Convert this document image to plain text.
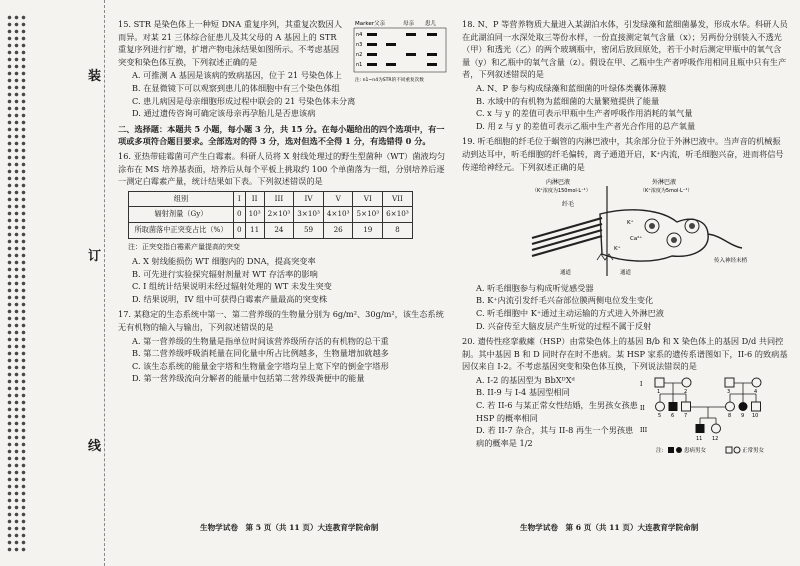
装
订
线

15. STR 是染色体上一种短 DNA 重复序列，其重复次数因人而异。对某 21 三体综合征患儿及其父母的 A 基因上的 STR 重复序列进行扩增，扩增产物电泳结果如图所示。不考虑基因突变和染色体互换，下列叙述正确的是

A. 可推测 A 基因是该病的致病基因，位于 21 号染色体上

B. 在显微镜下可以观察到患儿的体细胞中有三个染色体组

Marker父亲	母亲 患儿
n4
n3
n2
n1
注: n1~n4为STR的不同重复次数

C. 患儿病因是母亲细胞形成过程中联会的 21 号染色体未分离

D. 通过遗传咨询可确定该母亲再孕胎儿是否患该病

二、选择题：本题共 5 小题，每小题 3 分，共 15 分。在每小题给出的四个选项中，有一项或多项符合题目要求。全部选对的得 3 分，选对但选不全得 1 分，有选错得 0 分。

16. 亚热带硅霉菌可产生白霉素。科研人员将 X 射线处理过的野生型菌种（WT）菌液均匀涂布在 MS 培养基表面，培养后从每个平板上挑取约 100 个单菌落为一组，分别培养后逐一测定白霉素产量，统计结果如下表。下列叙述错误的是

组别	I	II	III	IV	V	VI	VII
辐射剂量（Gy）	0	10³	2×10³	3×10³	4×10³	5×10³	6×10³
所取菌落中正突变占比（%）	0	11	24	59	26	19	8

注：正突变指白霉素产量提高的突变

A. X 射线能损伤 WT 细胞内的 DNA，提高突变率

B. 可先进行实验探究辐射剂量对 WT 存活率的影响

C. I 组统计结果说明未经过辐射处理的 WT 未发生突变

D. 结果说明，IV 组中可获得白霉素产量最高的突变株

17. 某稳定的生态系统中第一、第二营养级的生物量分别为 6g/m²、30g/m²，该生态系统无有机物的输入与输出，下列叙述错误的是

A. 第一营养级的生物量是指单位时间该营养级所存活的有机物的总干重

B. 第二营养级呼吸消耗量在同化量中所占比例越多，生物量增加就越多

C. 该生态系统的能量金字塔和生物量金字塔均呈上宽下窄的倒金字塔形

D. 第一营养级流向分解者的能量中包括第二营养级粪便中的能量

生物学试卷　第 5 页（共 11 页）大连教育学院命制

18. N、P 等营养物质大量进入某湖泊水体，引发绿藻和蓝细菌暴发，形成水华。科研人员在此湖泊同一水深处取三等份水样，一份直接测定氧气含量（x）；另两份分别装入不透光（甲）和透光（乙）的两个玻璃瓶中，密闭后放回原处，若干小时后测定甲瓶中的氧气含量（y）和乙瓶中的氧气含量（z）。假设在甲、乙瓶中生产者呼吸作用相同且瓶中只有生产者，下列叙述错误的是

A. N、P 参与构成绿藻和蓝细菌的叶绿体类囊体薄膜

B. 水域中的有机物为蓝细菌的大量繁殖提供了能量

C. x 与 y 的差值可表示甲瓶中生产者呼吸作用消耗的氧气量

D. 用 z 与 y 的差值可表示乙瓶中生产者光合作用的总产氧量

19. 听毛细胞的纤毛位于蜗管的内淋巴液中，其余部分位于外淋巴液中。当声音的机械振动到达耳中，听毛细胞的纤毛偏转，离子通道开启，K⁺内流，听毛细胞兴奋，进而将信号传递给神经元。下列叙述正确的是

内淋巴液
（K⁺浓度为150mol·L⁻¹）
外淋巴液
（K⁺浓度为5mol·L⁻¹）
纤毛
K⁺
Ca²⁺
K⁺
传入神经末梢
通道	通道

A. 听毛细胞参与构成听觉感受器

B. K⁺内流引发纤毛兴奋部位膜两侧电位发生变化

C. 听毛细胞中 K⁺通过主动运输的方式进入外淋巴液

D. 兴奋传至大脑皮层产生听觉的过程不属于反射

20. 遗传性痉挛截瘫（HSP）由常染色体上的基因 B/b 和 X 染色体上的基因 D/d 共同控制。其中基因 B 和 D 同时存在时不患病。某 HSP 家系的遗传系谱图如下，II-6 的致病基因仅来自 I-2。不考虑基因突变和染色体互换，下列说法错误的是

A. I-2 的基因型为 BbXᴰXᵈ

B. II-9 与 I-4 基因型相同

C. 若 II-6 与某正常女性结婚，生男孩女孩患 HSP 的概率相同

D. 若 II-7 杂合，其与 II-8 再生一个男孩患病的概率是 1/2

I
II
III
1	2	3	4
5 6 7	8 9 10
11 12
注:	患病男女	正常男女
生物学试卷　第 6 页（共 11 页）大连教育学院命制
